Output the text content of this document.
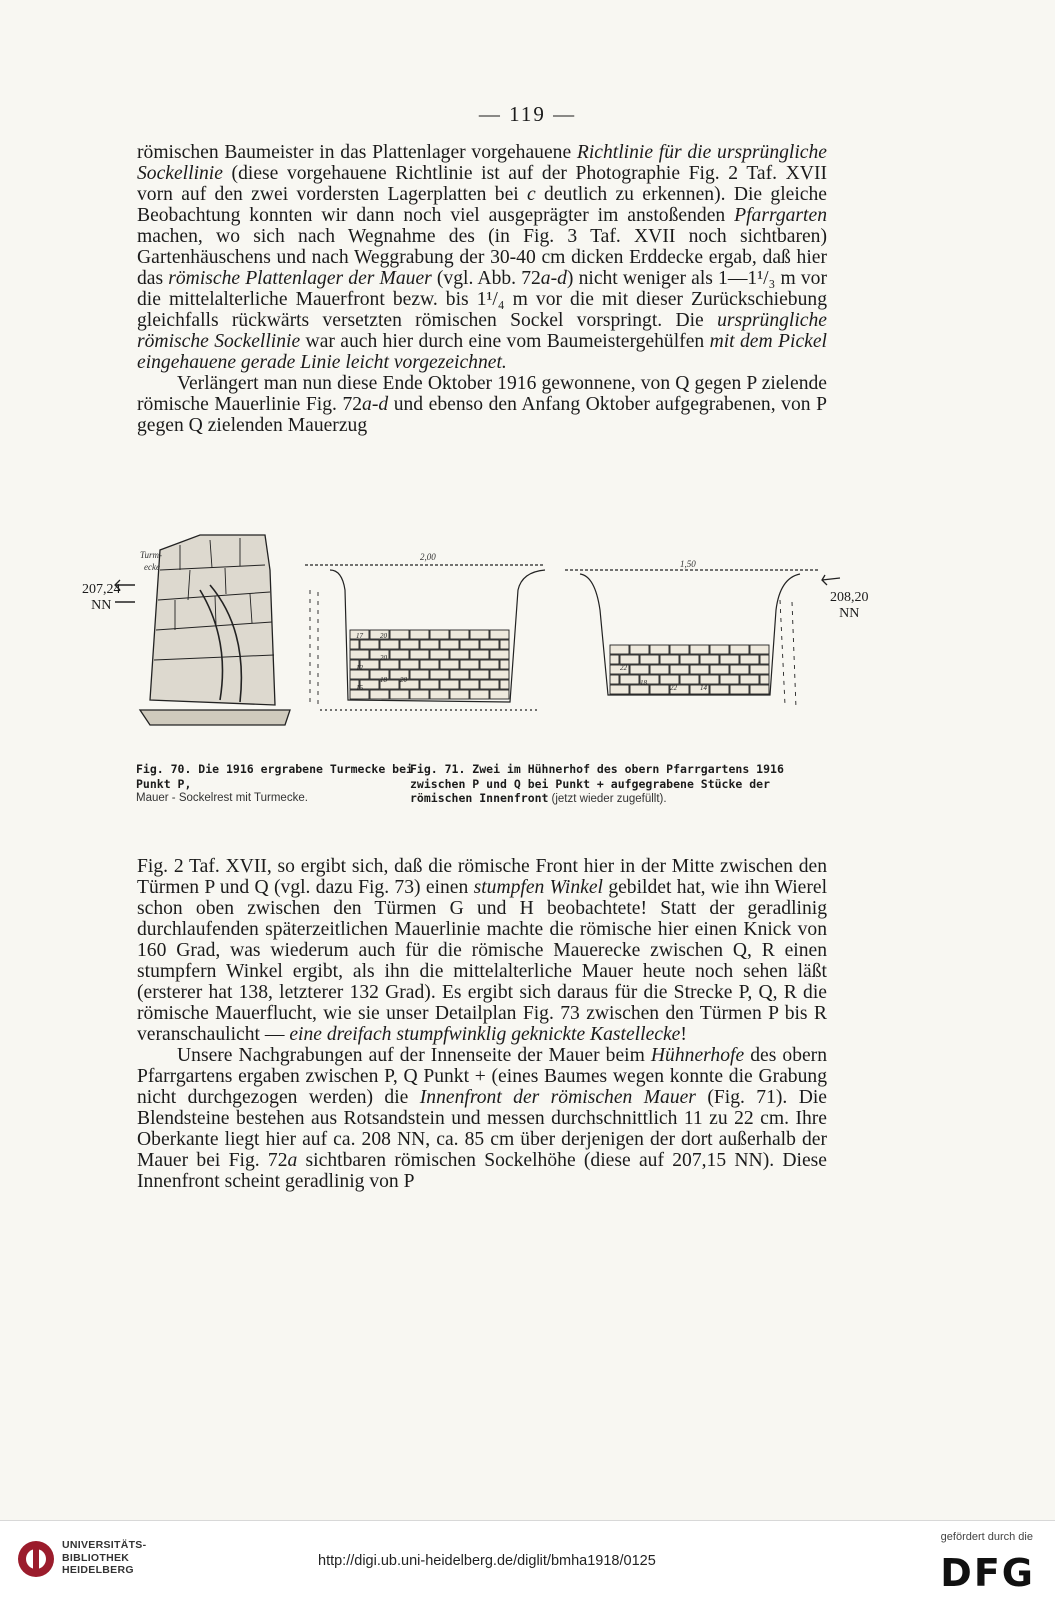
— 119 —

römischen Baumeister in das Plattenlager vorgehauene Richtlinie für die ursprüngliche Sockellinie (diese vorgehauene Richtlinie ist auf der Photographie Fig. 2 Taf. XVII vorn auf den zwei vordersten Lagerplatten bei c deutlich zu erkennen). Die gleiche Beobachtung konnten wir dann noch viel ausgeprägter im anstoßenden Pfarrgarten machen, wo sich nach Wegnahme des (in Fig. 3 Taf. XVII noch sichtbaren) Gartenhäuschens und nach Weggrabung der 30-40 cm dicken Erddecke ergab, daß hier das römische Plattenlager der Mauer (vgl. Abb. 72a-d) nicht weniger als 1—1¹/₃ m vor die mittelalterliche Mauerfront bezw. bis 1¹/₄ m vor die mit dieser Zurückschiebung gleichfalls rückwärts versetzten römischen Sockel vorspringt. Die ursprüngliche römische Sockellinie war auch hier durch eine vom Baumeistergehülfen mit dem Pickel eingehauene gerade Linie leicht vorgezeichnet.

Verlängert man nun diese Ende Oktober 1916 gewonnene, von Q gegen P zielende römische Mauerlinie Fig. 72a-d und ebenso den Anfang Oktober aufgegrabenen, von P gegen Q zielenden Mauerzug

207,24
NN
208,20
NN
Turm-
ecke
2,00
1,50
17 20
20
12
18 20
15
22
18
22	14
Fig. 70. Die 1916 ergrabene Turmecke bei Punkt P,
Mauer - Sockelrest mit Turmecke.
Fig. 71. Zwei im Hühnerhof des obern Pfarrgartens 1916 zwischen P und Q bei Punkt + aufgegrabene Stücke der römischen Innenfront (jetzt wieder zugefüllt).

Fig. 2 Taf. XVII, so ergibt sich, daß die römische Front hier in der Mitte zwischen den Türmen P und Q (vgl. dazu Fig. 73) einen stumpfen Winkel gebildet hat, wie ihn Wierel schon oben zwischen den Türmen G und H beobachtete! Statt der geradlinig durchlaufenden späterzeitlichen Mauerlinie machte die römische hier einen Knick von 160 Grad, was wiederum auch für die römische Mauerecke zwischen Q, R einen stumpfern Winkel ergibt, als ihn die mittelalterliche Mauer heute noch sehen läßt (ersterer hat 138, letzterer 132 Grad). Es ergibt sich daraus für die Strecke P, Q, R die römische Mauerflucht, wie sie unser Detailplan Fig. 73 zwischen den Türmen P bis R veranschaulicht — eine dreifach stumpfwinklig geknickte Kastellecke!

Unsere Nachgrabungen auf der Innenseite der Mauer beim Hühnerhofe des obern Pfarrgartens ergaben zwischen P, Q Punkt + (eines Baumes wegen konnte die Grabung nicht durchgezogen werden) die Innenfront der römischen Mauer (Fig. 71). Die Blendsteine bestehen aus Rotsandstein und messen durchschnittlich 11 zu 22 cm. Ihre Oberkante liegt hier auf ca. 208 NN, ca. 85 cm über derjenigen der dort außerhalb der Mauer bei Fig. 72a sichtbaren römischen Sockelhöhe (diese auf 207,15 NN). Diese Innenfront scheint geradlinig von P

UNIVERSITÄTS-
BIBLIOTHEK
HEIDELBERG
http://digi.ub.uni-heidelberg.de/diglit/bmha1918/0125
gefördert durch die
DFG
